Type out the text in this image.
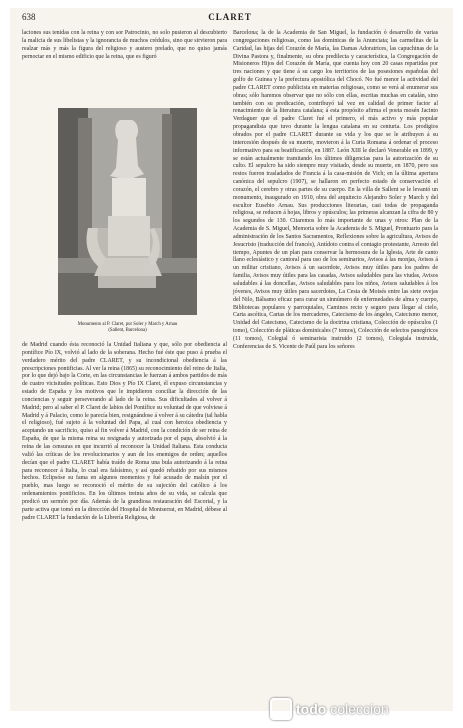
638	CLARET

laciones sus tenidas con la reina y con sor Patrocinio, no solo pusieron al descubierto la malicia de sus libelistas y la ignorancia de muchos crédulos, sino que sirvieron para realzar más y más la figura del religioso y austero prelado, que no quiso jamás pernoctar en el mismo edificio que la reina, que es figuró

Monumento al P. Claret, por Soler y March y Arnau
(Sallent, Barcelona)

de Madrid cuando ésta reconoció la Unidad Italiana y que, sólo por obediencia al pontífice Pío IX, volvió al lado de la soberana. Hecho fué éste que puso á prueba el verdadero mérito del padre CLARET, y su incondicional obediencia á las prescripciones pontificias. Al ver la reina (1865) su reconocimiento del reino de Italia, por lo que dejó bajo la Corte, en las circunstancias le fuerzan á ambos partidos de más de cuatro vicisitudes políticas. Esto Dios y Pío IX Claret, él expuso circunstancias y estado de España y los motivos que le impidieron conciliar la dirección de las conciencias y seguir perseverando al lado de la reina. Sus dificultades al volver á Madrid; pero al saber el P. Claret de labios del Pontífice su voluntad de que volviese á Madrid y á Palacio, como le parecía bien, resignándose á volver á su cátedra (tal habla el religioso), fué sujeto á la voluntad del Papa, al cual con heroica obediencia y aceptando un sacrificio, quiso al fin volver á Madrid, con la condición de ser reina de España, de que la misma reina su resignada y autorizada por el papa, absolvió á la reina de las censuras en que incurrió al reconocer la Unidad Italiana. Esta conducta valió las críticas de los revolucionarios y aun de los enemigos de orden; aquellos decían que el padre CLARET había traído de Roma una bula autorizando á la reina para reconocer á Italia, lo cual era falsísimo, y así quedó rebatido por sus mismos hechos. Eclipsóse su fama en algunos momentos y fué acusado de malsín por el pueblo, mas luego se reconoció el mérito de su sujeción del católico á los ordenamientos pontificios. En los últimos treinta años de su vida, se calcula que predicó un sermón por día. Además de la grandiosa restauración del Escorial, y la parte activa que tomó en la dirección del Hospital de Montserrat, en Madrid, débese al padre CLARET la fundación de la Librería Religiosa, de

Barcelona; la de la Academia de San Miguel, la fundación ó desarrollo de varias congregaciones religiosas, como las dominicas de la Anunciata; las carmelitas de la Caridad, las hijas del Corazón de María, las Damas Adoratrices, las capuchinas de la Divina Pastora y, finalmente, su obra predilecta y característica, la Congregación de Misioneros Hijos del Corazón de María, que cuenta hoy con 20 casas repartidas por tres naciones y que tiene á su cargo los territorios de las posesiones españolas del golfo de Guinea y la prefectura apostólica del Chocó. No fué menor la actividad del padre CLARET como publicista en materias religiosas, como se verá al enumerar sus obras; sólo haremos observar que no sólo con ellas, escritas muchas en catalán, sino también con su predicación, contribuyó tal vez en calidad de primer factor al renacimiento de la literatura catalana; á esta propósito afirma el poeta mosén Jacinto Verdaguer que el padre Claret fué el primero, el más activo y más popular propagandista que tuvo durante la lengua catalana en su centuria. Los prodigios obrados por el padre CLARET durante su vida y los que se le atribuyen á su intercesión después de su muerte, movieron á la Curia Romana á ordenar el proceso informativo para su beatificación, en 1887. León XIII le declaró Venerable en 1899, y se están actualmente tramitando los últimos diligencias para la autorización de su culto. El sepulcro ha sido siempre muy visitado, desde su muerte, en 1870, pero sus restos fueron trasladados de Francia á la casa-misión de Vich; en la última apertura canónica del sepulcro (1907), se hallaron en perfecto estado de conservación el corazón, el cerebro y otras partes de su cuerpo. En la villa de Sallent se le levantó un monumento, inaugurado en 1910, obra del arquitecto Alejandro Soler y March y del escultor Eusebio Arnau. Sus producciones literarias, casi todas de propaganda religiosa, se reducen á hojas, libros y opúsculos; las primeras alcanzan la cifra de 80 y los segundos de 130. Citaremos lo más importante de unas y otros: Plan de la Academia de S. Miguel, Memoria sobre la Academia de S. Miguel, Prontuario para la administración de los Santos Sacramentos, Reflexiones sobre la agricultura, Avisos de Jesucristo (traducción del francés), Antídoto contra el contagio protestante, Arresto del tiempo, Apuntes de un plan para conservar la hermosura de la Iglesia, Arte de canto llano eclesiástico y cantoral para uso de los seminarios, Avisos á las monjas, Avisos á un militar cristiano, Avisos á un sacerdote, Avisos muy útiles para los padres de familia, Avisos muy útiles para las casadas, Avisos saludables para las viudas, Avisos saludables á las doncellas, Avisos saludables para los niños, Avisos saludables á los jóvenes, Avisos muy útiles para sacerdotes, La Cesta de Moisés entre las siete ovejas del Nilo, Bálsamo eficaz para curar un sinnúmero de enfermedades de alma y cuerpo, Bibliotecas populares y parroquiales, Caminos recto y seguro para llegar al cielo, Carta ascética, Cartas de los mercaderes, Catecismo de los ángeles, Catecismo menor, Unidad del Catecismo, Catecismo de la doctrina cristiana, Colección de opúsculos (1 tomo), Colección de pláticas dominicales (7 tomos), Colección de selectos panegíricos (11 tomos), Colegial ó seminarista instruido (2 tomos), Colegiala instruida, Conferencias de S. Vicente de Paúl para los señores

todo coleccion
